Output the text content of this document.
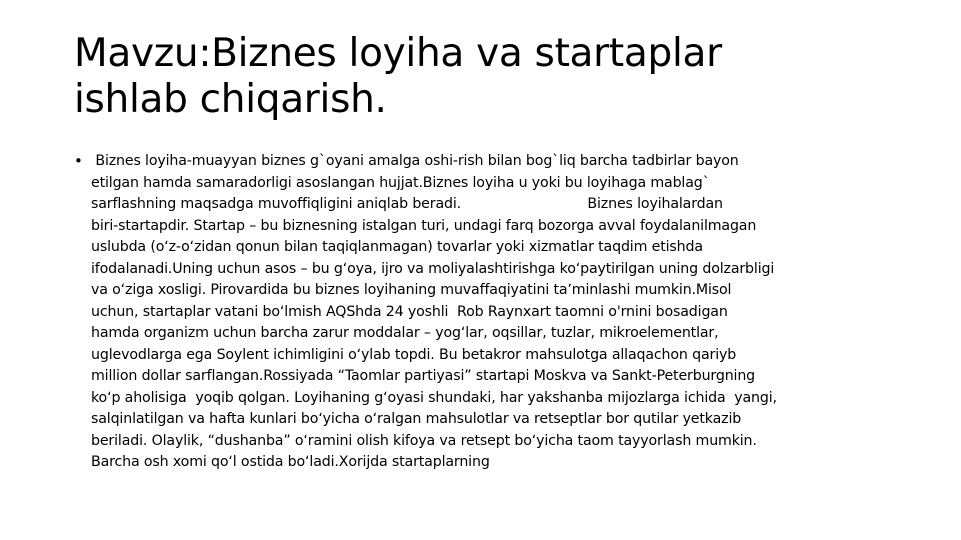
Mavzu:Biznes loyiha va startaplar
ishlab chiqarish.
• Biznes loyiha-muayyan biznes g`oyani amalga oshi-rish bilan bog`liq barcha tadbirlar bayon
etilgan hamda samaradorligi asoslangan hujjat.Biznes loyiha u yoki bu loyihaga mablag`
sarflashning maqsadga muvoffiqligini aniqlab beradi.                             Biznes loyihalardan
biri-startapdir. Startap – bu biznesning istalgan turi, undagi farq bozorga avval foydalanilmagan
uslubda (oʻz-oʻzidan qonun bilan taqiqlanmagan) tovarlar yoki xizmatlar taqdim etishda
ifodalanadi.Uning uchun asos – bu gʻoya, ijro va moliyalashtirishga koʻpaytirilgan uning dolzarbligi
va oʻziga xosligi. Pirovardida bu biznes loyihaning muvaffaqiyatini taʼminlashi mumkin.Misol
uchun, startaplar vatani boʻlmish AQShda 24 yoshli  Rob Raynxart taomni o'rnini bosadigan
hamda organizm uchun barcha zarur moddalar – yogʻlar, oqsillar, tuzlar, mikroelementlar,
uglevodlarga ega Soylent ichimligini oʻylab topdi. Bu betakror mahsulotga allaqachon qariyb
million dollar sarflangan.Rossiyada “Taomlar partiyasi” startapi Moskva va Sankt-Peterburgning
koʻp aholisiga  yoqib qolgan. Loyihaning gʻoyasi shundaki, har yakshanba mijozlarga ichida  yangi,
salqinlatilgan va hafta kunlari boʻyicha oʻralgan mahsulotlar va retseptlar bor qutilar yetkazib
beriladi. Olaylik, “dushanba” oʻramini olish kifoya va retsept boʻyicha taom tayyorlash mumkin.
Barcha osh xomi qoʻl ostida boʻladi.Xorijda startaplarning
